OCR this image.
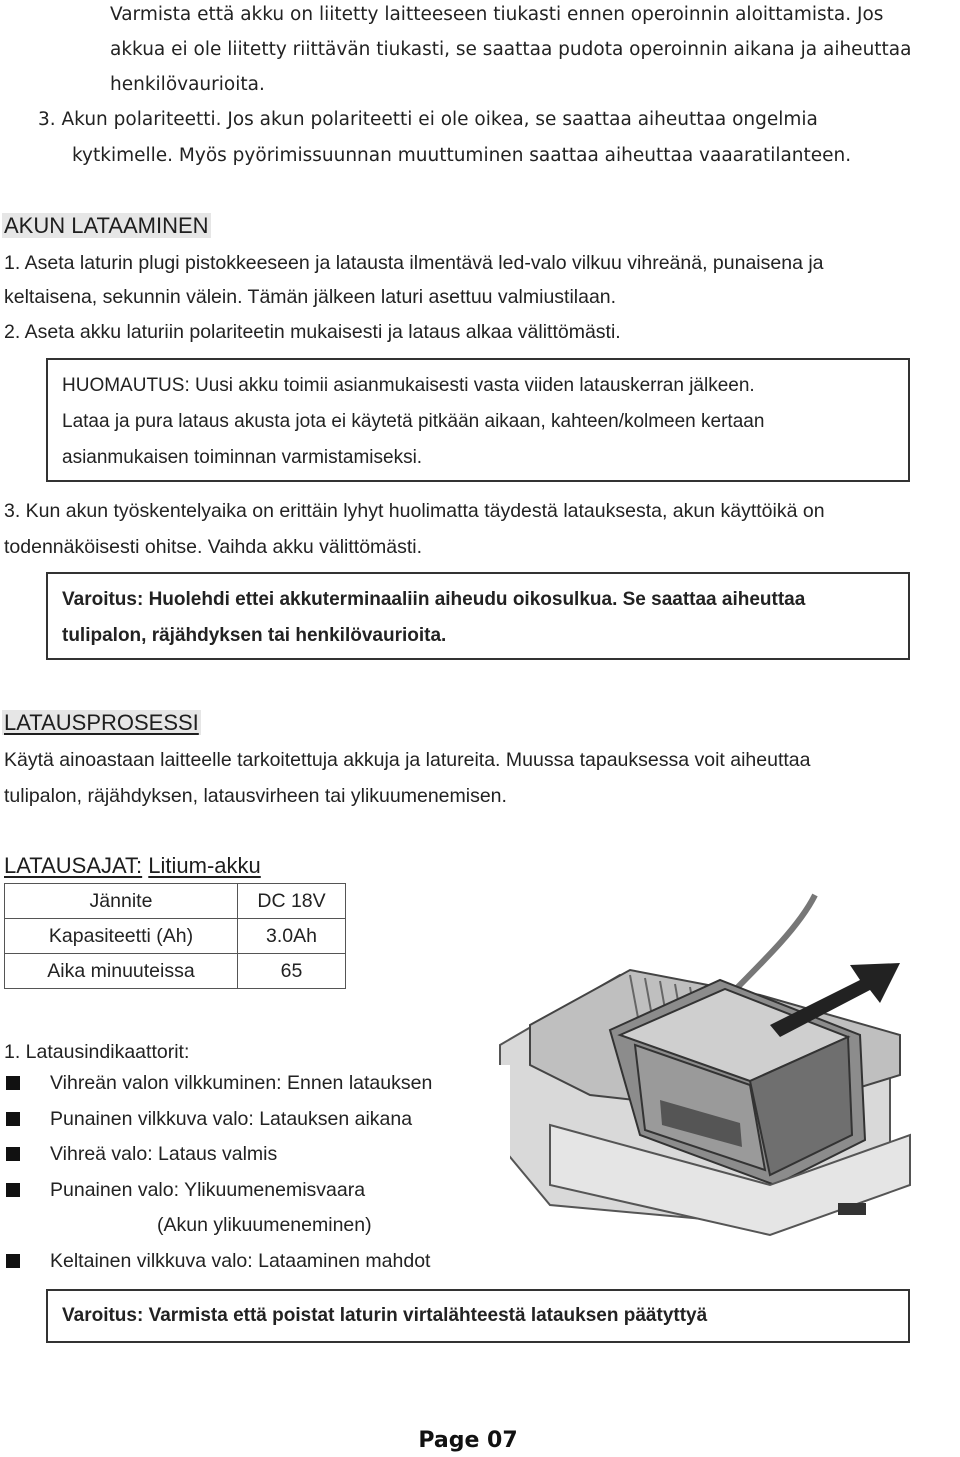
Varmista että akku on liitetty laitteeseen tiukasti ennen operoinnin aloittamista. Jos
akkua ei ole liitetty riittävän tiukasti, se saattaa pudota operoinnin aikana ja aiheuttaa
henkilövaurioita.
3. Akun polariteetti. Jos akun polariteetti ei ole oikea, se saattaa aiheuttaa ongelmia
kytkimelle. Myös pyörimissuunnan muuttuminen saattaa aiheuttaa vaaaratilanteen.
AKUN LATAAMINEN
1. Aseta laturin plugi pistokkeeseen ja latausta ilmentävä led-valo vilkuu vihreänä, punaisena ja
keltaisena, sekunnin välein. Tämän jälkeen laturi asettuu valmiustilaan.
2. Aseta akku laturiin polariteetin mukaisesti ja lataus alkaa välittömästi.
HUOMAUTUS: Uusi akku toimii asianmukaisesti vasta viiden latauskerran jälkeen.
Lataa ja pura lataus akusta jota ei käytetä pitkään aikaan, kahteen/kolmeen kertaan
asianmukaisen toiminnan varmistamiseksi.
3. Kun akun työskentelyaika on erittäin lyhyt huolimatta täydestä latauksesta, akun käyttöikä on
todennäköisesti ohitse. Vaihda akku välittömästi.
Varoitus: Huolehdi ettei akkuterminaaliin aiheudu oikosulkua. Se saattaa aiheuttaa
tulipalon, räjähdyksen tai henkilövaurioita.
LATAUSPROSESSI
Käytä ainoastaan laitteelle tarkoitettuja akkuja ja latureita. Muussa tapauksessa voit aiheuttaa
tulipalon, räjähdyksen, latausvirheen tai ylikuumenemisen.
LATAUSAJAT: Litium-akku
Jännite	DC 18V
Kapasiteetti (Ah)	3.0Ah
Aika minuuteissa	65
1. Latausindikaattorit:
Vihreän valon vilkkuminen: Ennen latauksen
Punainen vilkkuva valo: Latauksen aikana
Vihreä valo: Lataus valmis
Punainen valo: Ylikuumenemisvaara
(Akun ylikuumeneminen)
Keltainen vilkkuva valo: Lataaminen mahdot
Varoitus: Varmista että poistat laturin virtalähteestä latauksen päätyttyä
Page 07
